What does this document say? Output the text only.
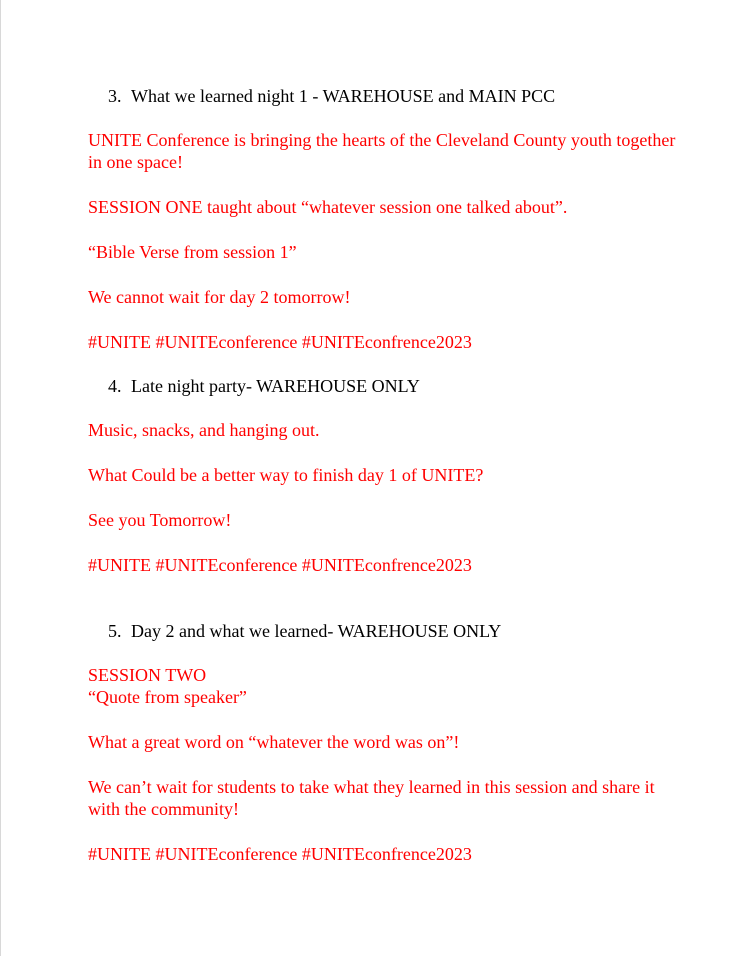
3. What we learned night 1 - WAREHOUSE and MAIN PCC
UNITE Conference is bringing the hearts of the Cleveland County youth together in one space!
SESSION ONE taught about “whatever session one talked about”.
“Bible Verse from session 1”
We cannot wait for day 2 tomorrow!
#UNITE #UNITEconference #UNITEconfrence2023
4. Late night party- WAREHOUSE ONLY
Music, snacks, and hanging out.
What Could be a better way to finish day 1 of UNITE?
See you Tomorrow!
#UNITE #UNITEconference #UNITEconfrence2023
5. Day 2 and what we learned- WAREHOUSE ONLY
SESSION TWO
“Quote from speaker”
What a great word on “whatever the word was on”!
We can’t wait for students to take what they learned in this session and share it with the community!
#UNITE #UNITEconference #UNITEconfrence2023
